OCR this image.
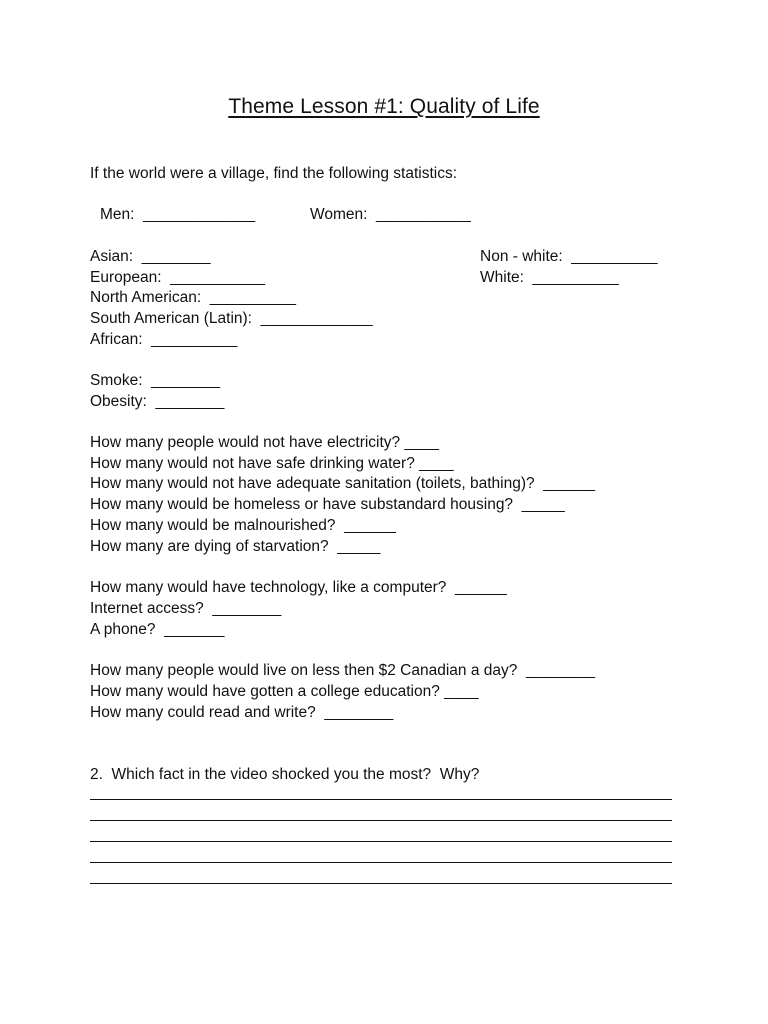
Theme Lesson #1: Quality of Life
If the world were a village, find the following statistics:
Men:  _____________	Women:  ___________
Asian:  ________	Non - white:  __________
European:  ___________	White:  __________
North American:  __________
South American (Latin):  _____________
African:  __________
Smoke:  ________
Obesity:  ________
How many people would not have electricity? ____
How many would not have safe drinking water? ____
How many would not have adequate sanitation (toilets, bathing)?  ______
How many would be homeless or have substandard housing?  _____
How many would be malnourished?  ______
How many are dying of starvation?  _____
How many would have technology, like a computer?  ______
Internet access?  ________
A phone?  _______
How many people would live on less then $2 Canadian a day?  ________
How many would have gotten a college education? ____
How many could read and write?  ________
2.  Which fact in the video shocked you the most?  Why?
